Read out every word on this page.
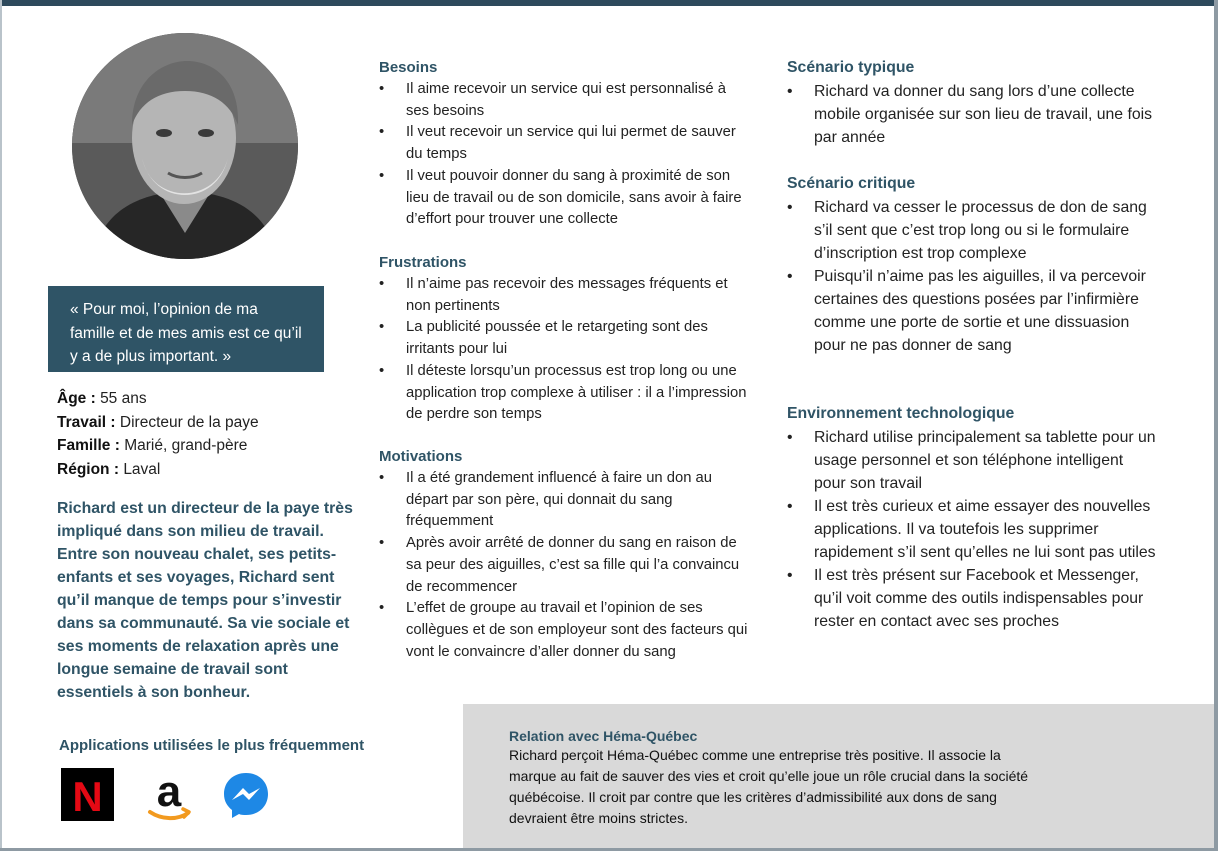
« Pour moi, l’opinion de ma famille et de mes amis est ce qu’il y a de plus important. »
Âge : 55 ans
Travail : Directeur de la paye
Famille : Marié, grand-père
Région : Laval
Richard est un directeur de la paye très impliqué dans son milieu de travail. Entre son nouveau chalet, ses petits-enfants et ses voyages, Richard sent qu’il manque de temps pour s’investir dans sa communauté. Sa vie sociale et ses moments de relaxation après une longue semaine de travail sont essentiels à son bonheur.
Applications utilisées le plus fréquemment
N a
Besoins
• Il aime recevoir un service qui est personnalisé à ses besoins
• Il veut recevoir un service qui lui permet de sauver du temps
• Il veut pouvoir donner du sang à proximité de son lieu de travail ou de son domicile, sans avoir à faire d’effort pour trouver une collecte
Frustrations
• Il n’aime pas recevoir des messages fréquents et non pertinents
• La publicité poussée et le retargeting sont des irritants pour lui
• Il déteste lorsqu’un processus est trop long ou une application trop complexe à utiliser : il a l’impression de perdre son temps
Motivations
• Il a été grandement influencé à faire un don au départ par son père, qui donnait du sang fréquemment
• Après avoir arrêté de donner du sang en raison de sa peur des aiguilles, c’est sa fille qui l’a convaincu de recommencer
• L’effet de groupe au travail et l’opinion de ses collègues et de son employeur sont des facteurs qui vont le convaincre d’aller donner du sang
Scénario typique
• Richard va donner du sang lors d’une collecte mobile organisée sur son lieu de travail, une fois par année
Scénario critique
• Richard va cesser le processus de don de sang s’il sent que c’est trop long ou si le formulaire d’inscription est trop complexe
• Puisqu’il n’aime pas les aiguilles, il va percevoir certaines des questions posées par l’infirmière comme une porte de sortie et une dissuasion pour ne pas donner de sang
Environnement technologique
• Richard utilise principalement sa tablette pour un usage personnel et son téléphone intelligent pour son travail
• Il est très curieux et aime essayer des nouvelles applications. Il va toutefois les supprimer rapidement s’il sent qu’elles ne lui sont pas utiles
• Il est très présent sur Facebook et Messenger, qu’il voit comme des outils indispensables pour rester en contact avec ses proches
Relation avec Héma-Québec

Richard perçoit Héma-Québec comme une entreprise très positive. Il associe la marque au fait de sauver des vies et croit qu’elle joue un rôle crucial dans la société québécoise. Il croit par contre que les critères d’admissibilité aux dons de sang devraient être moins strictes.
